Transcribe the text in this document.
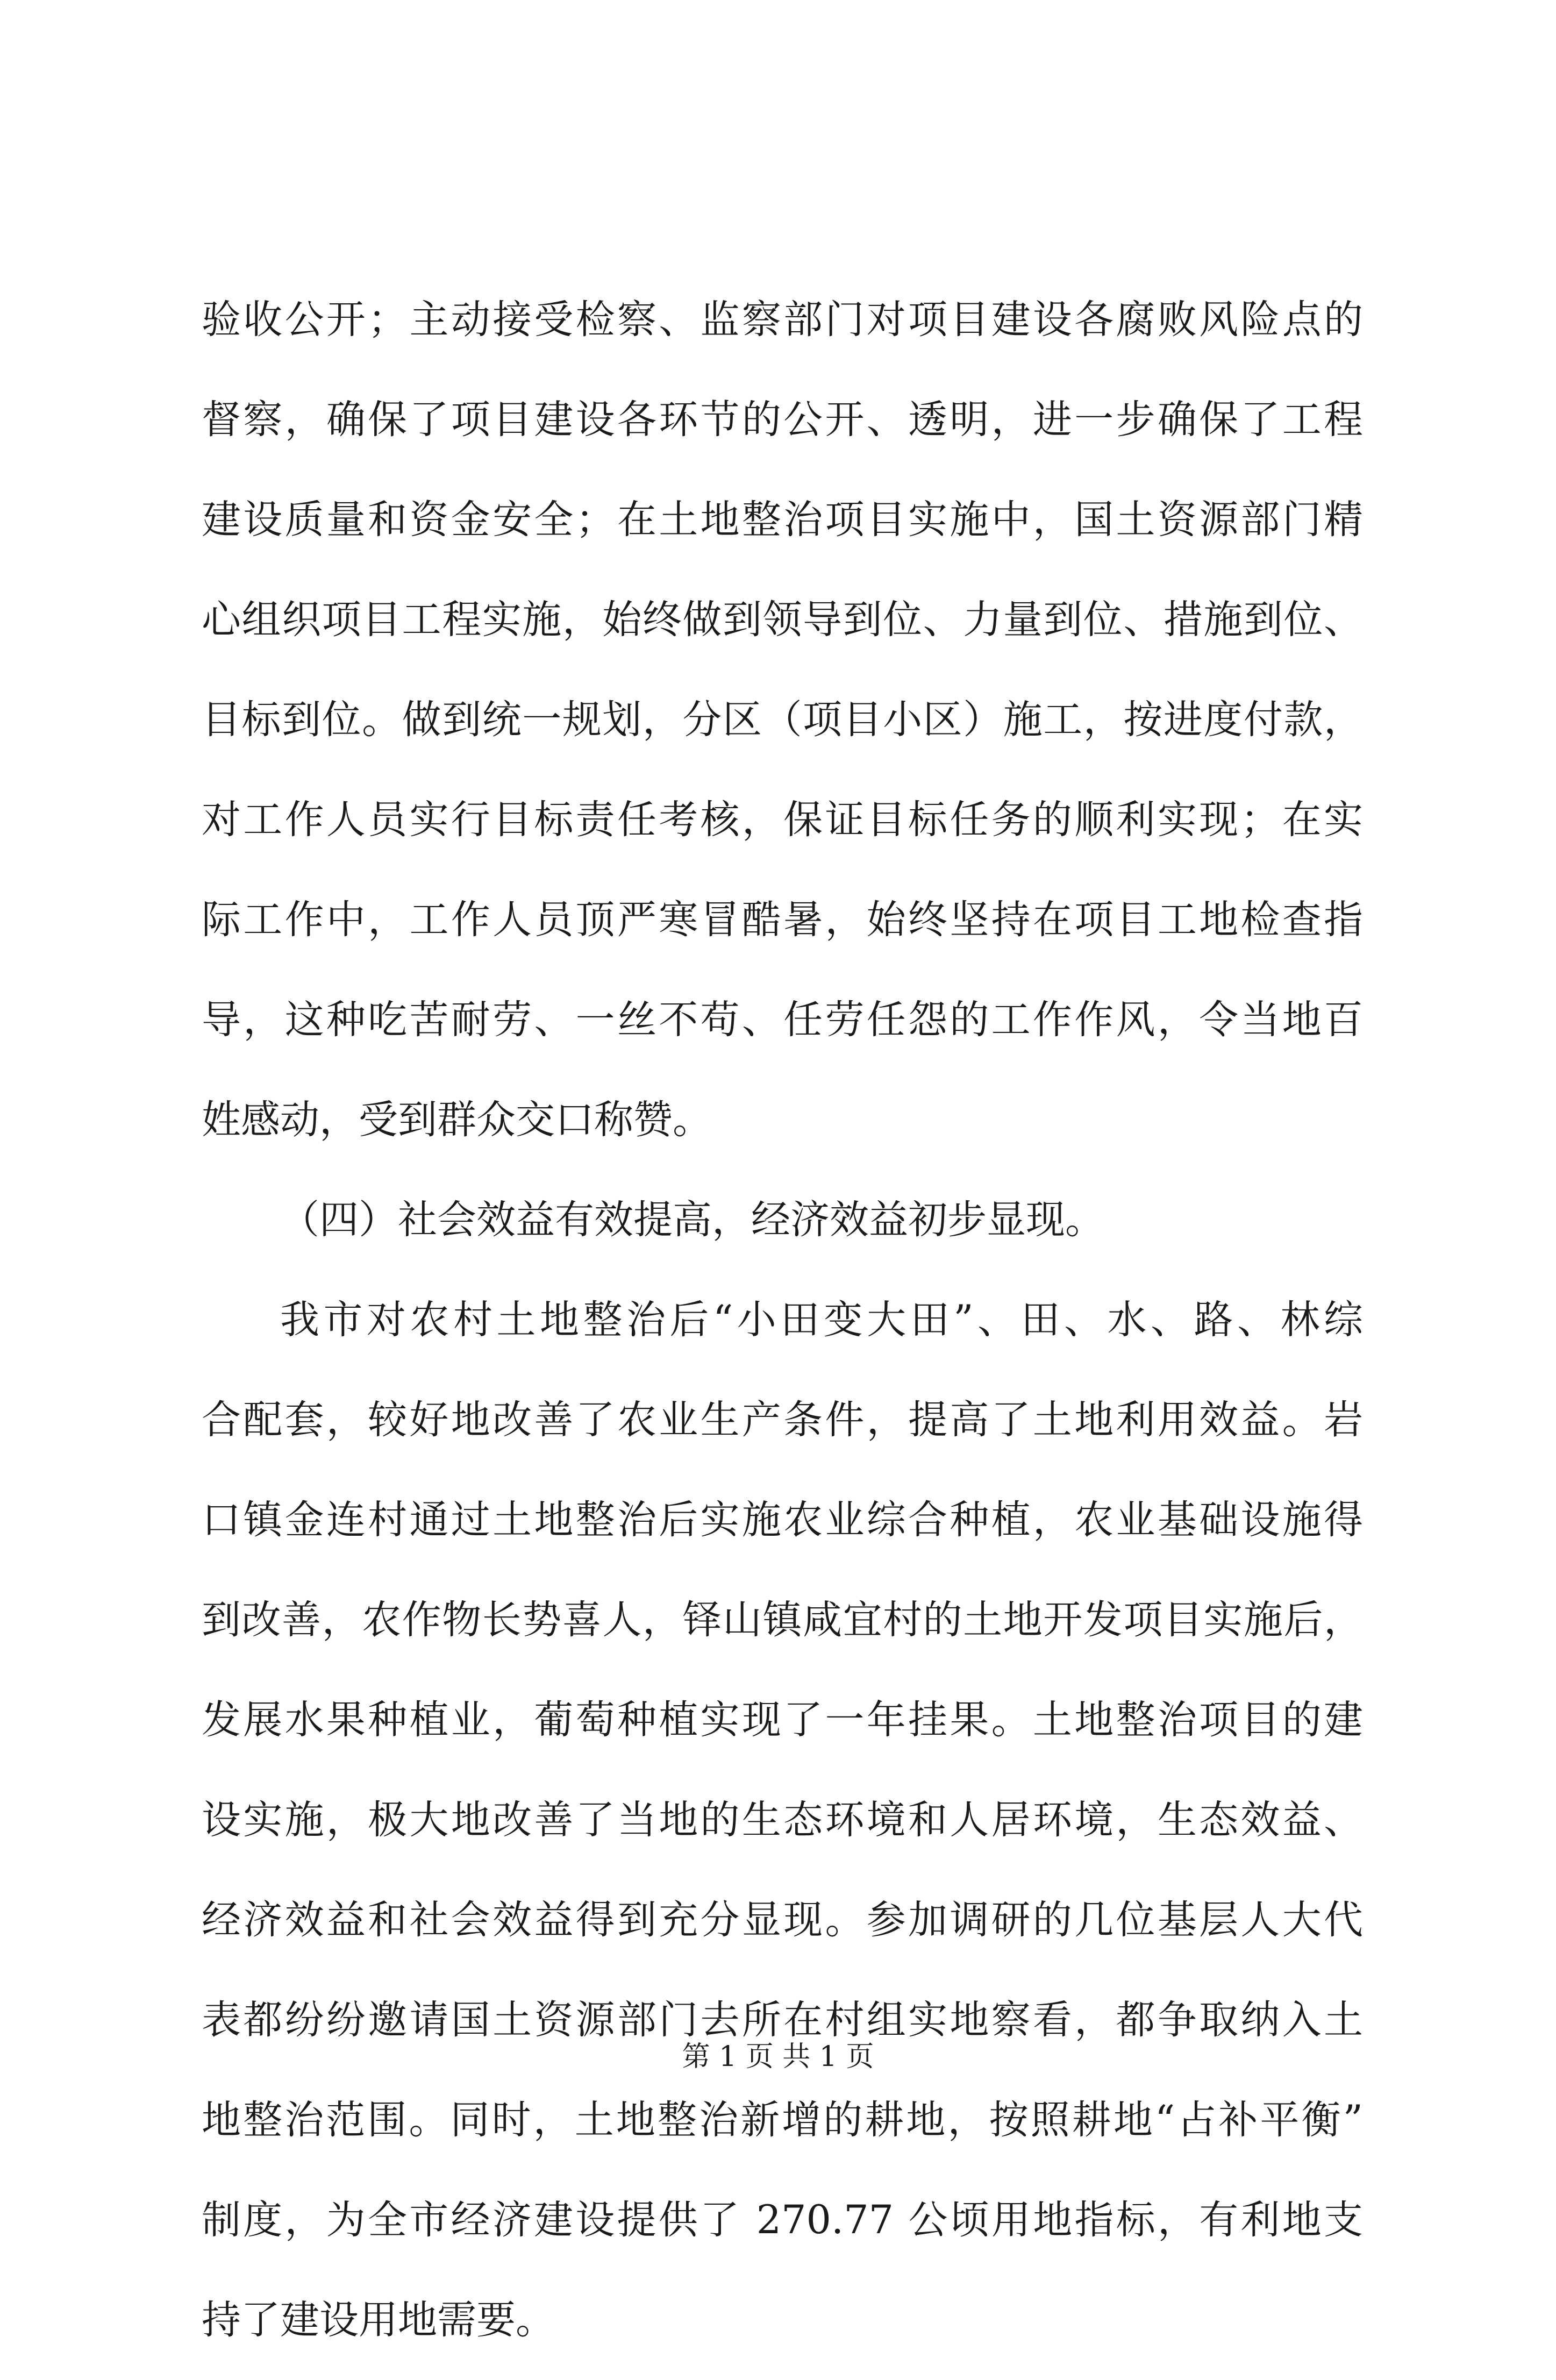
验收公开；主动接受检察、监察部门对项目建设各腐败风险点的
督察，确保了项目建设各环节的公开、透明，进一步确保了工程
建设质量和资金安全；在土地整治项目实施中，国土资源部门精
心组织项目工程实施，始终做到领导到位、力量到位、措施到位、
目标到位。做到统一规划，分区（项目小区）施工，按进度付款，
对工作人员实行目标责任考核，保证目标任务的顺利实现；在实
际工作中，工作人员顶严寒冒酷暑，始终坚持在项目工地检查指
导，这种吃苦耐劳、一丝不苟、任劳任怨的工作作风，令当地百
姓感动，受到群众交口称赞。
（四）社会效益有效提高，经济效益初步显现。
我市对农村土地整治后“小田变大田”、田、水、路、林综
合配套，较好地改善了农业生产条件，提高了土地利用效益。岩
口镇金连村通过土地整治后实施农业综合种植，农业基础设施得
到改善，农作物长势喜人，铎山镇咸宜村的土地开发项目实施后，
发展水果种植业，葡萄种植实现了一年挂果。土地整治项目的建
设实施，极大地改善了当地的生态环境和人居环境，生态效益、
经济效益和社会效益得到充分显现。参加调研的几位基层人大代
表都纷纷邀请国土资源部门去所在村组实地察看，都争取纳入土
地整治范围。同时，土地整治新增的耕地，按照耕地“占补平衡”
制度，为全市经济建设提供了 270.77 公顷用地指标，有利地支
持了建设用地需要。
第 1 页 共 1 页
